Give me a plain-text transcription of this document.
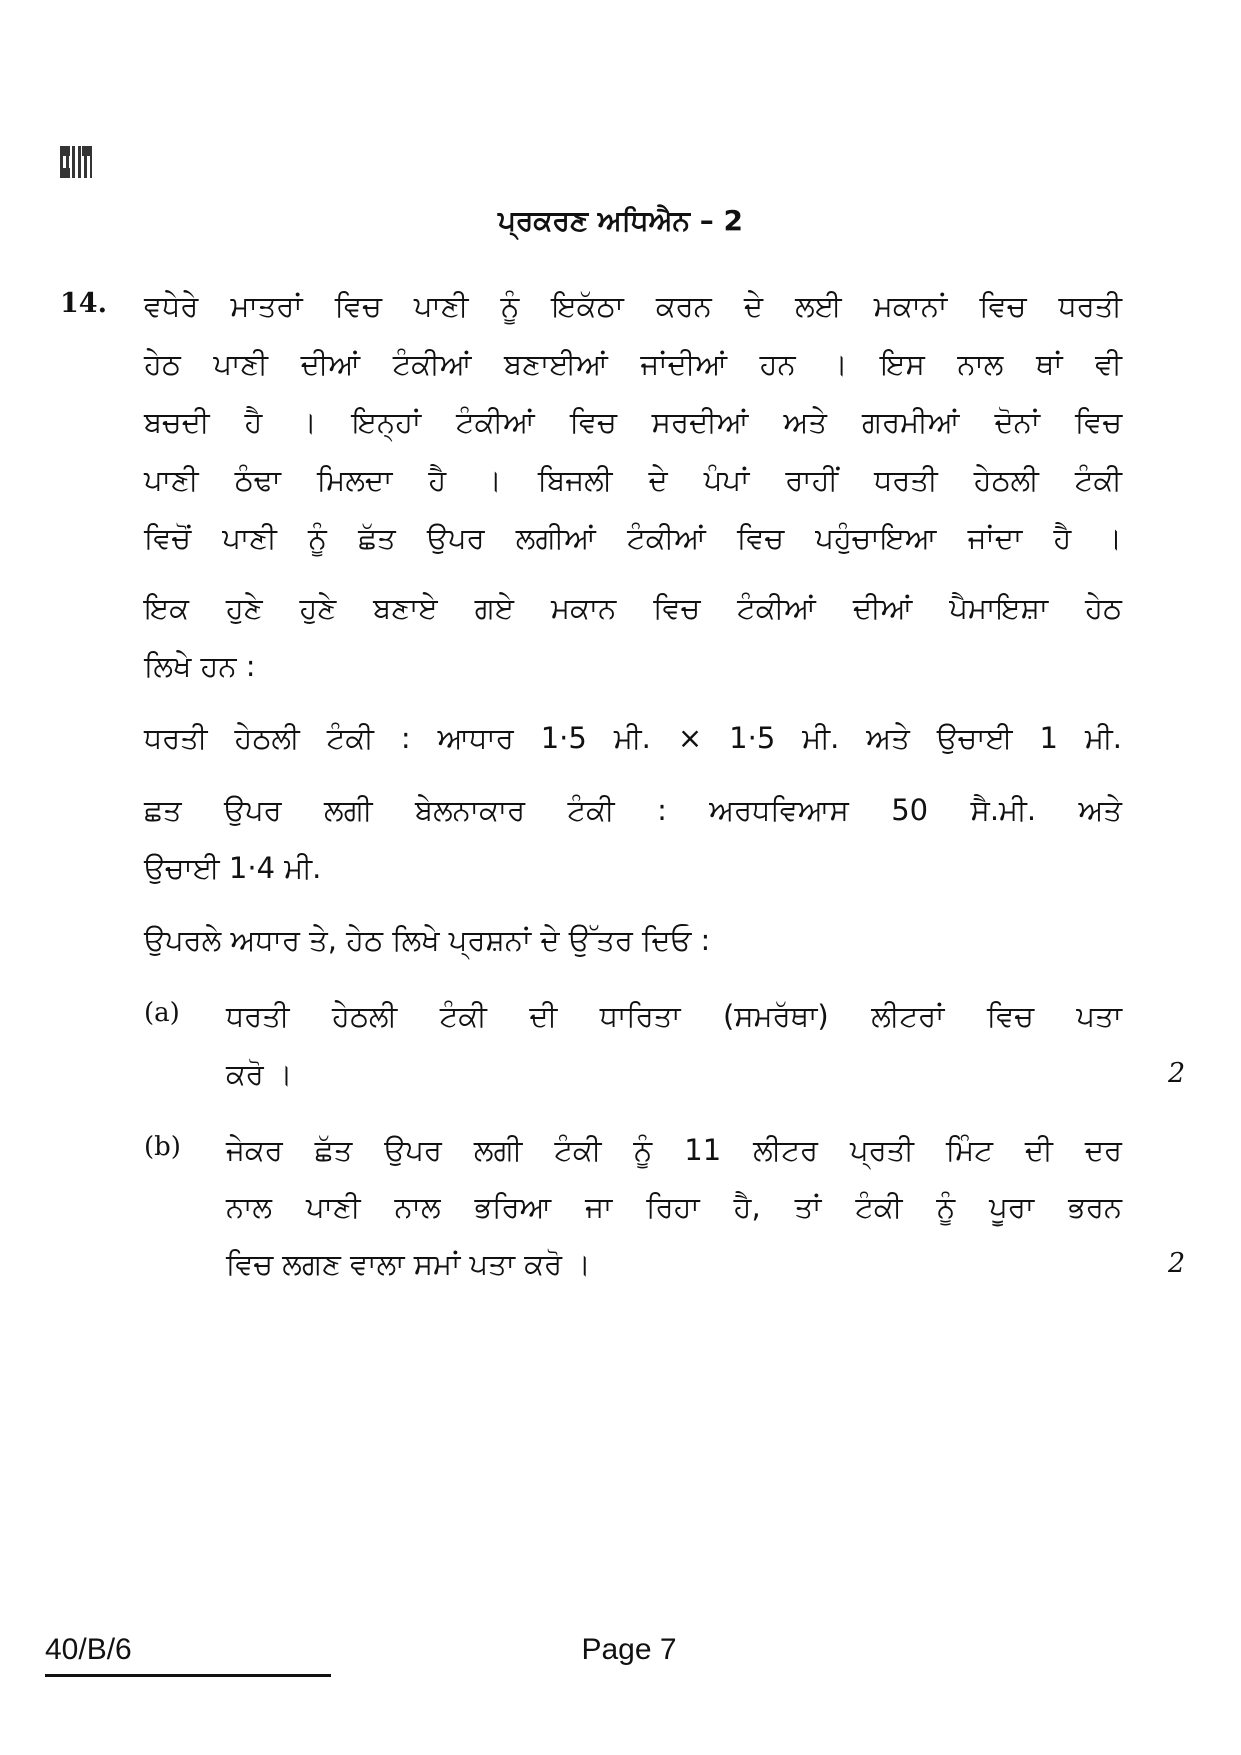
ਪ੍ਰਕਰਣ ਅਧਿਐਨ – 2
14. ਵਧੇਰੇ ਮਾਤਰਾਂ ਵਿਚ ਪਾਣੀ ਨੂੰ ਇਕੱਠਾ ਕਰਨ ਦੇ ਲਈ ਮਕਾਨਾਂ ਵਿਚ ਧਰਤੀ
ਹੇਠ ਪਾਣੀ ਦੀਆਂ ਟੰਕੀਆਂ ਬਣਾਈਆਂ ਜਾਂਦੀਆਂ ਹਨ । ਇਸ ਨਾਲ ਥਾਂ ਵੀ
ਬਚਦੀ ਹੈ । ਇਨ੍ਹਾਂ ਟੰਕੀਆਂ ਵਿਚ ਸਰਦੀਆਂ ਅਤੇ ਗਰਮੀਆਂ ਦੋਨਾਂ ਵਿਚ
ਪਾਣੀ ਠੰਢਾ ਮਿਲਦਾ ਹੈ । ਬਿਜਲੀ ਦੇ ਪੰਪਾਂ ਰਾਹੀਂ ਧਰਤੀ ਹੇਠਲੀ ਟੰਕੀ
ਵਿਚੋਂ ਪਾਣੀ ਨੂੰ ਛੱਤ ਉਪਰ ਲਗੀਆਂ ਟੰਕੀਆਂ ਵਿਚ ਪਹੁੰਚਾਇਆ ਜਾਂਦਾ ਹੈ ।
ਇਕ ਹੁਣੇ ਹੁਣੇ ਬਣਾਏ ਗਏ ਮਕਾਨ ਵਿਚ ਟੰਕੀਆਂ ਦੀਆਂ ਪੈਮਾਇਸ਼ਾ ਹੇਠ
ਲਿਖੇ ਹਨ :
ਧਰਤੀ ਹੇਠਲੀ ਟੰਕੀ : ਆਧਾਰ 1·5 ਮੀ. × 1·5 ਮੀ. ਅਤੇ ਉਚਾਈ 1 ਮੀ.
ਛਤ ਉਪਰ ਲਗੀ ਬੇਲਨਾਕਾਰ ਟੰਕੀ : ਅਰਧਵਿਆਸ 50 ਸੈ.ਮੀ. ਅਤੇ
ਉਚਾਈ 1·4 ਮੀ.
ਉਪਰਲੇ ਅਧਾਰ ਤੇ, ਹੇਠ ਲਿਖੇ ਪ੍ਰਸ਼ਨਾਂ ਦੇ ਉੱਤਰ ਦਿਓ :
(a) ਧਰਤੀ ਹੇਠਲੀ ਟੰਕੀ ਦੀ ਧਾਰਿਤਾ (ਸਮਰੱਥਾ) ਲੀਟਰਾਂ ਵਿਚ ਪਤਾ
ਕਰੋ ।	2
(b) ਜੇਕਰ ਛੱਤ ਉਪਰ ਲਗੀ ਟੰਕੀ ਨੂੰ 11 ਲੀਟਰ ਪ੍ਰਤੀ ਮਿੰਟ ਦੀ ਦਰ
ਨਾਲ ਪਾਣੀ ਨਾਲ ਭਰਿਆ ਜਾ ਰਿਹਾ ਹੈ, ਤਾਂ ਟੰਕੀ ਨੂੰ ਪੂਰਾ ਭਰਨ
ਵਿਚ ਲਗਣ ਵਾਲਾ ਸਮਾਂ ਪਤਾ ਕਰੋ ।	2
40/B/6	Page 7
